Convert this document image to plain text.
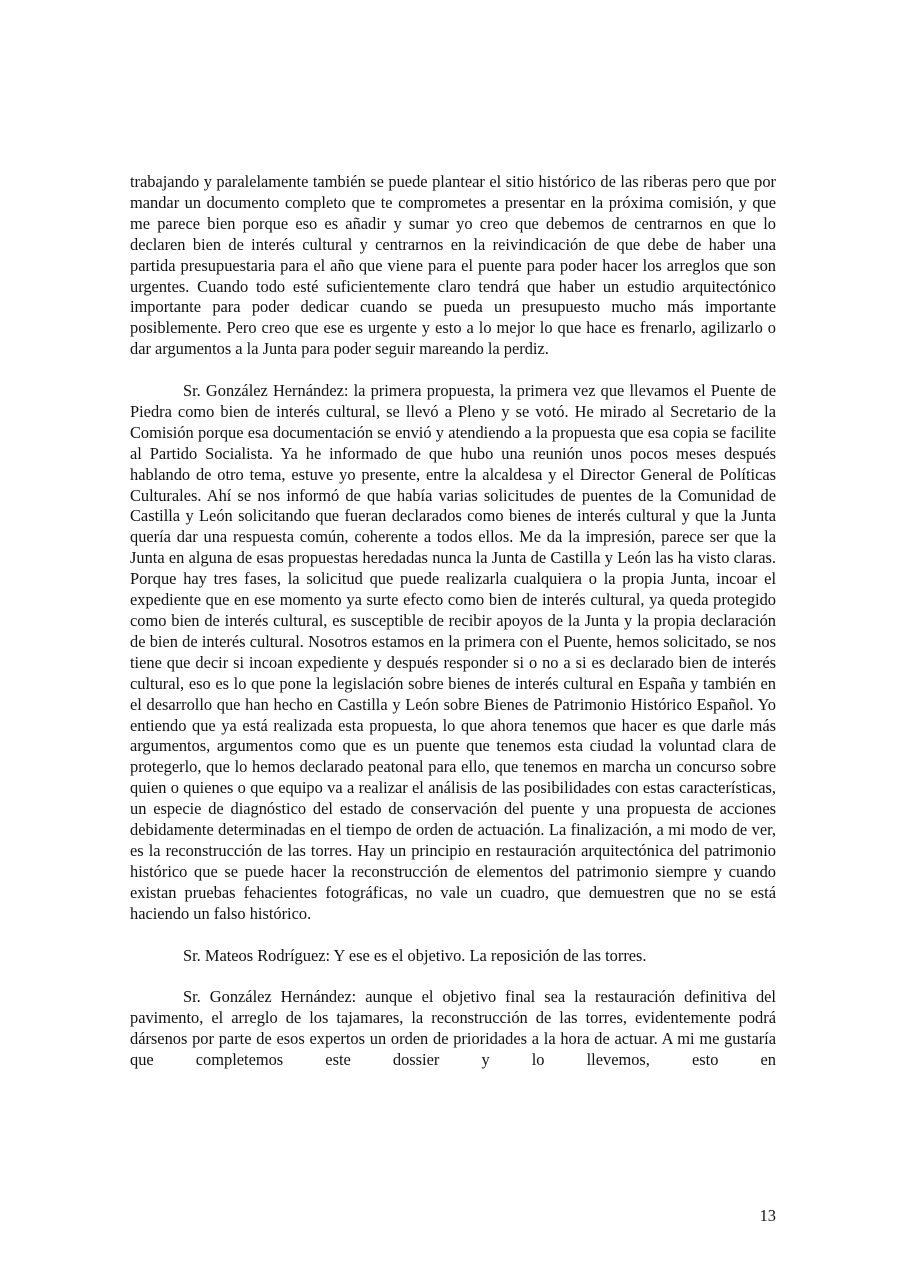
trabajando y paralelamente también se puede plantear el sitio histórico de las riberas pero que por mandar un documento completo que te comprometes a presentar en la próxima comisión, y que me parece bien porque eso es añadir y sumar yo creo que debemos de centrarnos en que lo declaren bien de interés cultural y centrarnos en la reivindicación de que debe de haber una partida presupuestaria para el año que viene para el puente para poder hacer los arreglos que son urgentes. Cuando todo esté suficientemente claro tendrá que haber un estudio arquitectónico importante para poder dedicar cuando se pueda un presupuesto mucho más importante posiblemente. Pero creo que ese es urgente y esto a lo mejor lo que hace es frenarlo, agilizarlo o dar argumentos a la Junta para poder seguir mareando la perdiz.

Sr. González Hernández: la primera propuesta, la primera vez que llevamos el Puente de Piedra como bien de interés cultural, se llevó a Pleno y se votó. He mirado al Secretario de la Comisión porque esa documentación se envió y atendiendo a la propuesta que esa copia se facilite al Partido Socialista. Ya he informado de que hubo una reunión unos pocos meses después hablando de otro tema, estuve yo presente, entre la alcaldesa y el Director General de Políticas Culturales. Ahí se nos informó de que había varias solicitudes de puentes de la Comunidad de Castilla y León solicitando que fueran declarados como bienes de interés cultural y que la Junta quería dar una respuesta común, coherente a todos ellos. Me da la impresión, parece ser que la Junta en alguna de esas propuestas heredadas nunca la Junta de Castilla y León las ha visto claras. Porque hay tres fases, la solicitud que puede realizarla cualquiera o la propia Junta, incoar el expediente que en ese momento ya surte efecto como bien de interés cultural, ya queda protegido como bien de interés cultural, es susceptible de recibir apoyos de la Junta y la propia declaración de bien de interés cultural. Nosotros estamos en la primera con el Puente, hemos solicitado, se nos tiene que decir si incoan expediente y después responder si o no a si es declarado bien de interés cultural, eso es lo que pone la legislación sobre bienes de interés cultural en España y también en el desarrollo que han hecho en Castilla y León sobre Bienes de Patrimonio Histórico Español. Yo entiendo que ya está realizada esta propuesta, lo que ahora tenemos que hacer es que darle más argumentos, argumentos como que es un puente que tenemos esta ciudad la voluntad clara de protegerlo, que lo hemos declarado peatonal para ello, que tenemos en marcha un concurso sobre quien o quienes o que equipo va a realizar el análisis de las posibilidades con estas características, un especie de diagnóstico del estado de conservación del puente y una propuesta de acciones debidamente determinadas en el tiempo de orden de actuación. La finalización, a mi modo de ver, es la reconstrucción de las torres. Hay un principio en restauración arquitectónica del patrimonio histórico que se puede hacer la reconstrucción de elementos del patrimonio siempre y cuando existan pruebas fehacientes fotográficas, no vale un cuadro, que demuestren que no se está haciendo un falso histórico.

Sr. Mateos Rodríguez: Y ese es el objetivo. La reposición de las torres.

Sr. González Hernández: aunque el objetivo final sea la restauración definitiva del pavimento, el arreglo de los tajamares, la reconstrucción de las torres, evidentemente podrá dársenos por parte de esos expertos un orden de prioridades a la hora de actuar. A mi me gustaría que completemos este dossier y lo llevemos, esto en

13
